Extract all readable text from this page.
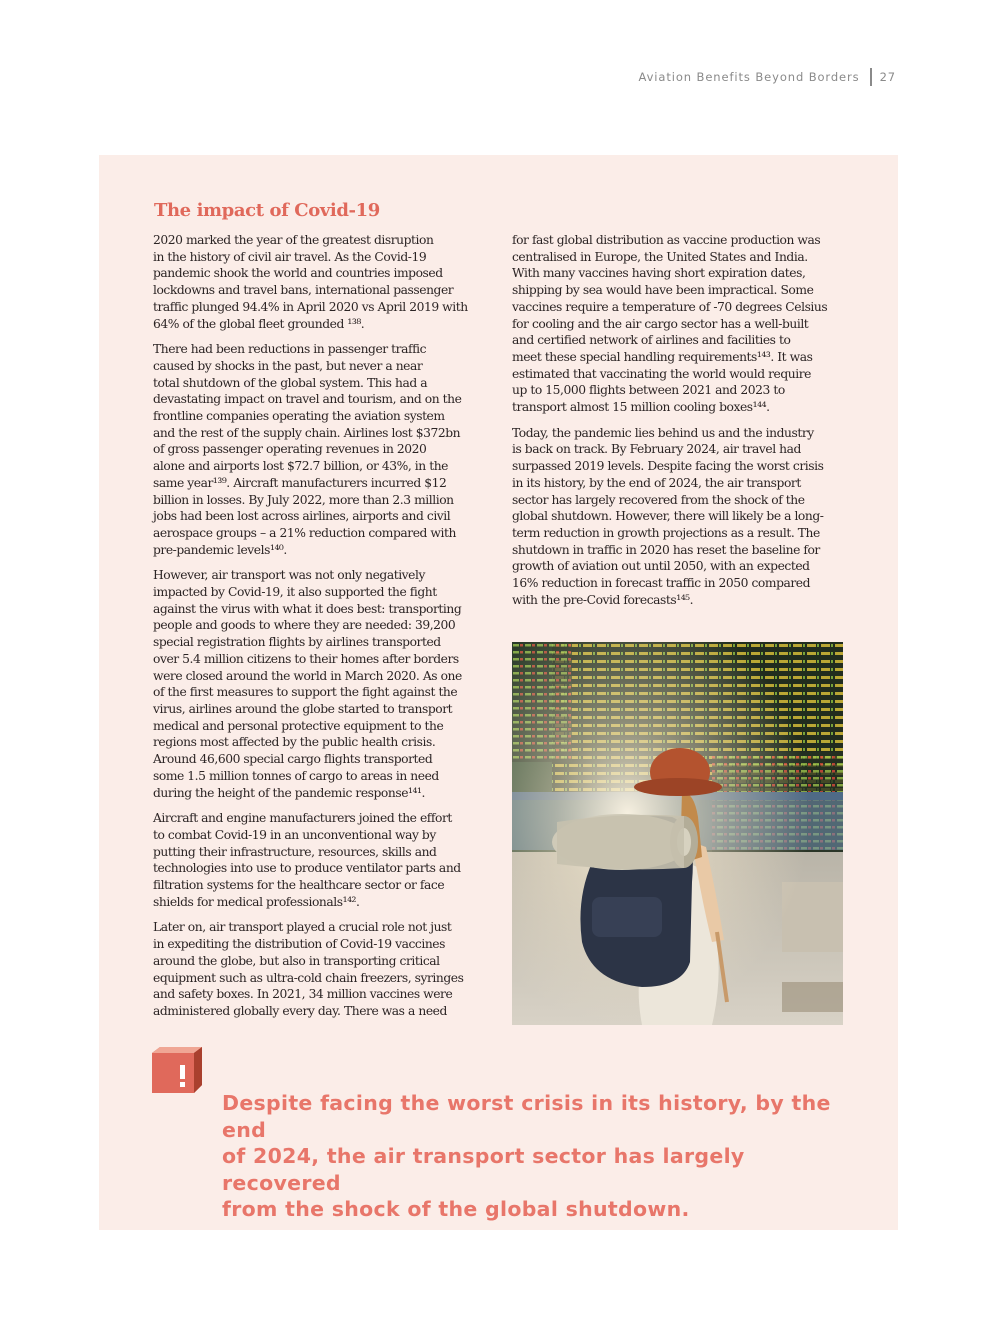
Aviation Benefits Beyond Borders 27
The impact of Covid-19

2020 marked the year of the greatest disruption
in the history of civil air travel. As the Covid-19
pandemic shook the world and countries imposed
lockdowns and travel bans, international passenger
traffic plunged 94.4% in April 2020 vs April 2019 with
64% of the global fleet grounded ¹³⁸.

There had been reductions in passenger traffic
caused by shocks in the past, but never a near
total shutdown of the global system. This had a
devastating impact on travel and tourism, and on the
frontline companies operating the aviation system
and the rest of the supply chain. Airlines lost $372bn
of gross passenger operating revenues in 2020
alone and airports lost $72.7 billion, or 43%, in the
same year¹³⁹. Aircraft manufacturers incurred $12
billion in losses. By July 2022, more than 2.3 million
jobs had been lost across airlines, airports and civil
aerospace groups – a 21% reduction compared with
pre-pandemic levels¹⁴⁰.

However, air transport was not only negatively
impacted by Covid-19, it also supported the fight
against the virus with what it does best: transporting
people and goods to where they are needed: 39,200
special registration flights by airlines transported
over 5.4 million citizens to their homes after borders
were closed around the world in March 2020. As one
of the first measures to support the fight against the
virus, airlines around the globe started to transport
medical and personal protective equipment to the
regions most affected by the public health crisis.
Around 46,600 special cargo flights transported
some 1.5 million tonnes of cargo to areas in need
during the height of the pandemic response¹⁴¹.

Aircraft and engine manufacturers joined the effort
to combat Covid-19 in an unconventional way by
putting their infrastructure, resources, skills and
technologies into use to produce ventilator parts and
filtration systems for the healthcare sector or face
shields for medical professionals¹⁴².

Later on, air transport played a crucial role not just
in expediting the distribution of Covid-19 vaccines
around the globe, but also in transporting critical
equipment such as ultra-cold chain freezers, syringes
and safety boxes. In 2021, 34 million vaccines were
administered globally every day. There was a need

for fast global distribution as vaccine production was
centralised in Europe, the United States and India.
With many vaccines having short expiration dates,
shipping by sea would have been impractical. Some
vaccines require a temperature of -70 degrees Celsius
for cooling and the air cargo sector has a well-built
and certified network of airlines and facilities to
meet these special handling requirements¹⁴³. It was
estimated that vaccinating the world would require
up to 15,000 flights between 2021 and 2023 to
transport almost 15 million cooling boxes¹⁴⁴.

Today, the pandemic lies behind us and the industry
is back on track. By February 2024, air travel had
surpassed 2019 levels. Despite facing the worst crisis
in its history, by the end of 2024, the air transport
sector has largely recovered from the shock of the
global shutdown. However, there will likely be a long-
term reduction in growth projections as a result. The
shutdown in traffic in 2020 has reset the baseline for
growth of aviation out until 2050, with an expected
16% reduction in forecast traffic in 2050 compared
with the pre-Covid forecasts¹⁴⁵.

Despite facing the worst crisis in its history, by the end
of 2024, the air transport sector has largely recovered
from the shock of the global shutdown.
